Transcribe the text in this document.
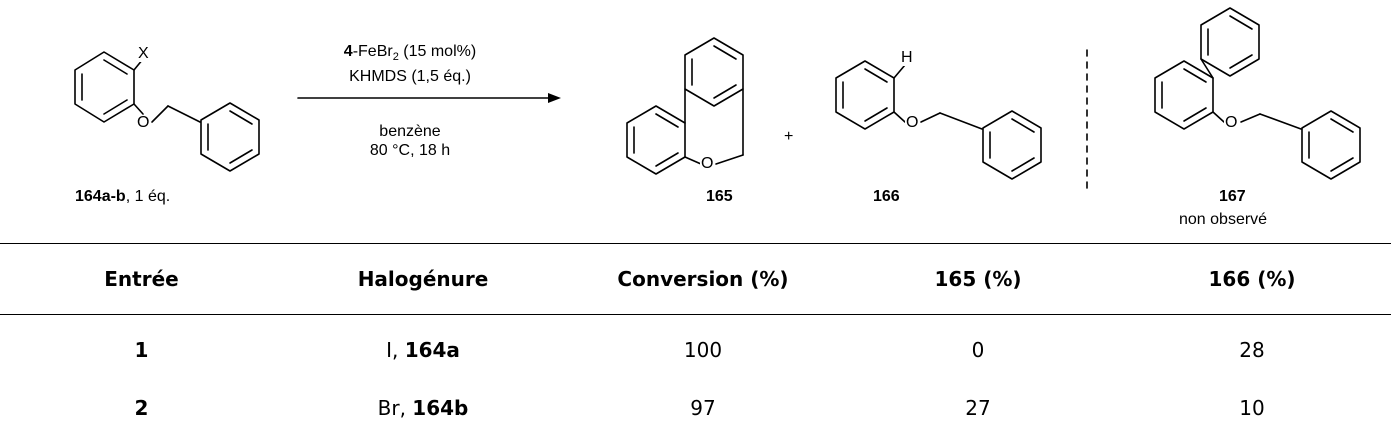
X
O
O
H
O	O
164a-b, 1 éq.
4-FeBr$_2$ (15 mol%)
KHMDS (1,5 éq.)
benzène
80 °C, 18 h
165
+
166	167
non observé
Entrée	Halogénure	Conversion (%)	165 (%)	166 (%)
1	I, 164a	100	0	28
2	Br, 164b	97	27	10
